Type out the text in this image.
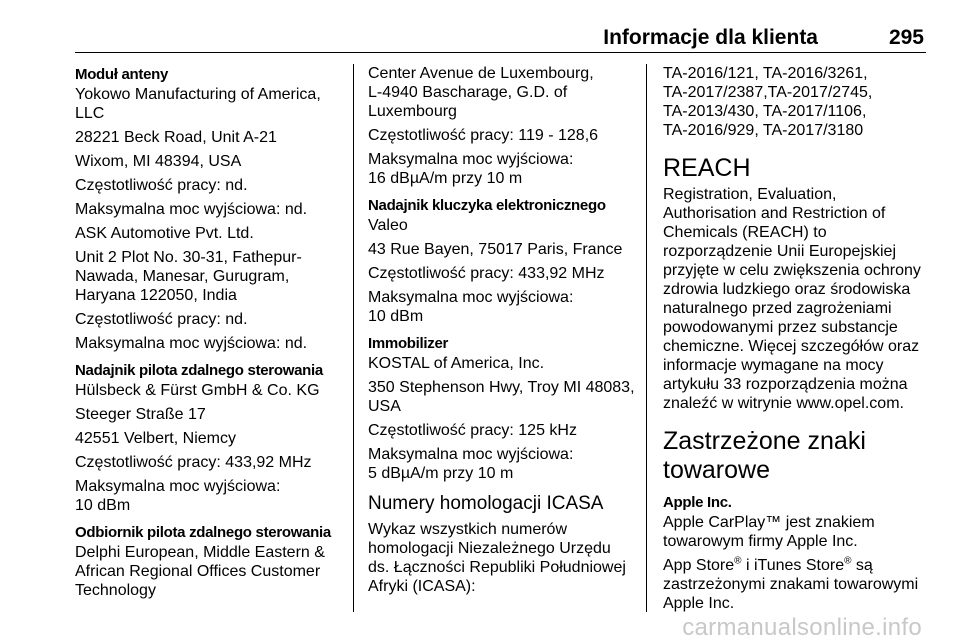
Informacje dla klienta	295
Moduł anteny

Yokowo Manufacturing of America,
LLC

28221 Beck Road, Unit A-21

Wixom, MI 48394, USA

Częstotliwość pracy: nd.

Maksymalna moc wyjściowa: nd.

ASK Automotive Pvt. Ltd.

Unit 2 Plot No. 30-31, Fathepur-
Nawada, Manesar, Gurugram,
Haryana 122050, India

Częstotliwość pracy: nd.

Maksymalna moc wyjściowa: nd.

Nadajnik pilota zdalnego sterowania

Hülsbeck & Fürst GmbH & Co. KG

Steeger Straße 17

42551 Velbert, Niemcy

Częstotliwość pracy: 433,92 MHz

Maksymalna moc wyjściowa:
10 dBm

Odbiornik pilota zdalnego sterowania

Delphi European, Middle Eastern &
African Regional Offices Customer
Technology

Center Avenue de Luxembourg,
L-4940 Bascharage, G.D. of
Luxembourg

Częstotliwość pracy: 119 - 128,6

Maksymalna moc wyjściowa:
16 dBµA/m przy 10 m

Nadajnik kluczyka elektronicznego

Valeo

43 Rue Bayen, 75017 Paris, France

Częstotliwość pracy: 433,92 MHz

Maksymalna moc wyjściowa:
10 dBm

Immobilizer

KOSTAL of America, Inc.

350 Stephenson Hwy, Troy MI 48083,
USA

Częstotliwość pracy: 125 kHz

Maksymalna moc wyjściowa:
5 dBµA/m przy 10 m

Numery homologacji ICASA

Wykaz wszystkich numerów
homologacji Niezależnego Urzędu
ds. Łączności Republiki Południowej
Afryki (ICASA):

TA-2016/121, TA-2016/3261,
TA-2017/2387,TA-2017/2745,
TA-2013/430, TA-2017/1106,
TA-2016/929, TA-2017/3180

REACH

Registration, Evaluation,
Authorisation and Restriction of
Chemicals (REACH) to
rozporządzenie Unii Europejskiej
przyjęte w celu zwiększenia ochrony
zdrowia ludzkiego oraz środowiska
naturalnego przed zagrożeniami
powodowanymi przez substancje
chemiczne. Więcej szczegółów oraz
informacje wymagane na mocy
artykułu 33 rozporządzenia można
znaleźć w witrynie www.opel.com.

Zastrzeżone znaki
towarowe
Apple Inc.

Apple CarPlay™ jest znakiem
towarowym firmy Apple Inc.

App Store® i iTunes Store® są
zastrzeżonymi znakami towarowymi
Apple Inc.

carmanualsonline.info
